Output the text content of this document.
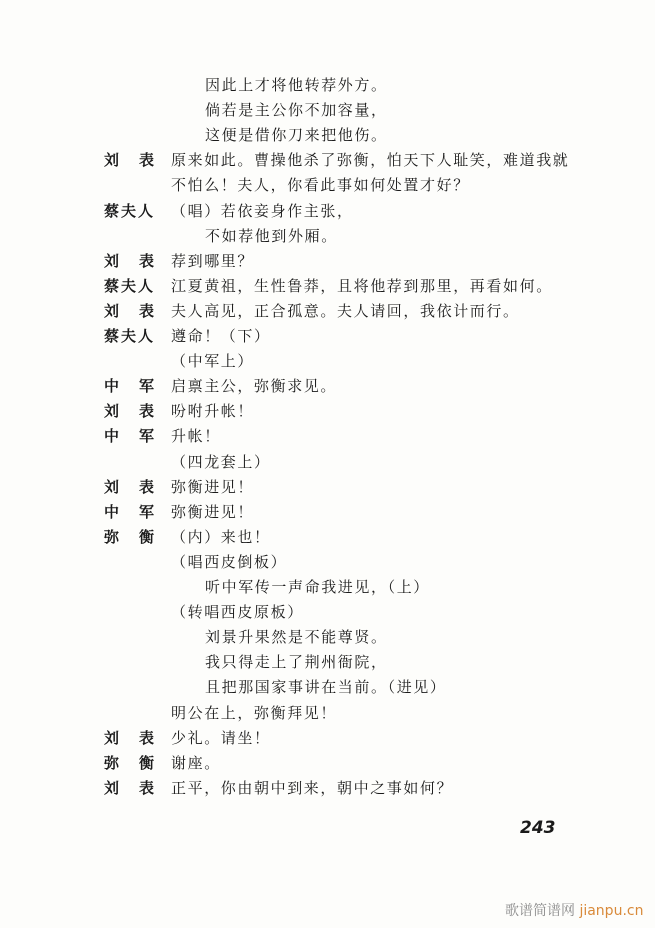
因此上才将他转荐外方。
倘若是主公你不加容量，
这便是借你刀来把他伤。
刘表
原来如此。曹操他杀了弥衡，怕天下人耻笑，难道我就
不怕么！夫人，你看此事如何处置才好？
蔡夫人 （唱）若依妾身作主张，
不如荐他到外厢。
刘表
荐到哪里？
蔡夫人 江夏黄祖，生性鲁莽，且将他荐到那里，再看如何。
刘表
夫人高见，正合孤意。夫人请回，我依计而行。
蔡夫人 遵命！（下）
（中军上）
中军
启禀主公，弥衡求见。
刘表
吩咐升帐！
中军
升帐！
（四龙套上）
刘表
弥衡进见！
中军
弥衡进见！
弥衡
（内）来也！
（唱西皮倒板）
听中军传一声命我进见，（上）
（转唱西皮原板）
刘景升果然是不能尊贤。
我只得走上了荆州衙院，
且把那国家事讲在当前。（进见）
明公在上，弥衡拜见！
刘表
少礼。请坐！
弥衡
谢座。
刘表
正平，你由朝中到来，朝中之事如何？
243
歌谱简谱网 jianpu.cn
